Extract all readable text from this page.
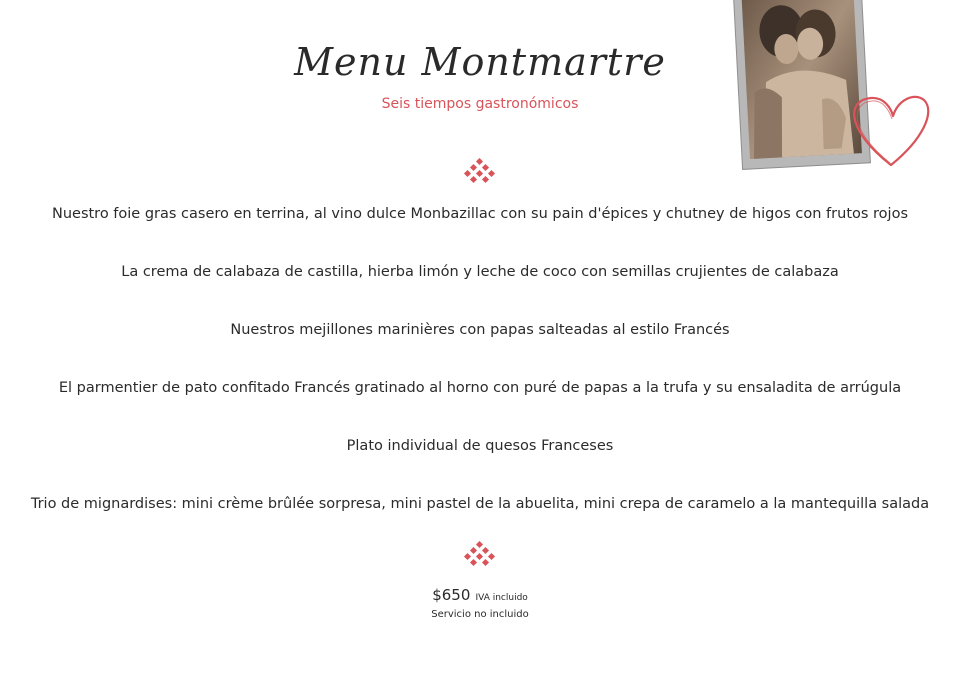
Menu Montmartre
Seis tiempos gastronómicos
Nuestro foie gras casero en terrina, al vino dulce Monbazillac con su pain d'épices y chutney de higos con frutos rojos
La crema de calabaza de castilla, hierba limón y leche de coco con semillas crujientes de calabaza
Nuestros mejillones marinières con papas salteadas al estilo Francés
El parmentier de pato confitado Francés gratinado al horno con puré de papas a la trufa y su ensaladita de arrúgula
Plato individual de quesos Franceses
Trio de mignardises: mini crème brûlée sorpresa, mini pastel de la abuelita, mini crepa de caramelo a la mantequilla salada
$650 IVA incluido
Servicio no incluido
